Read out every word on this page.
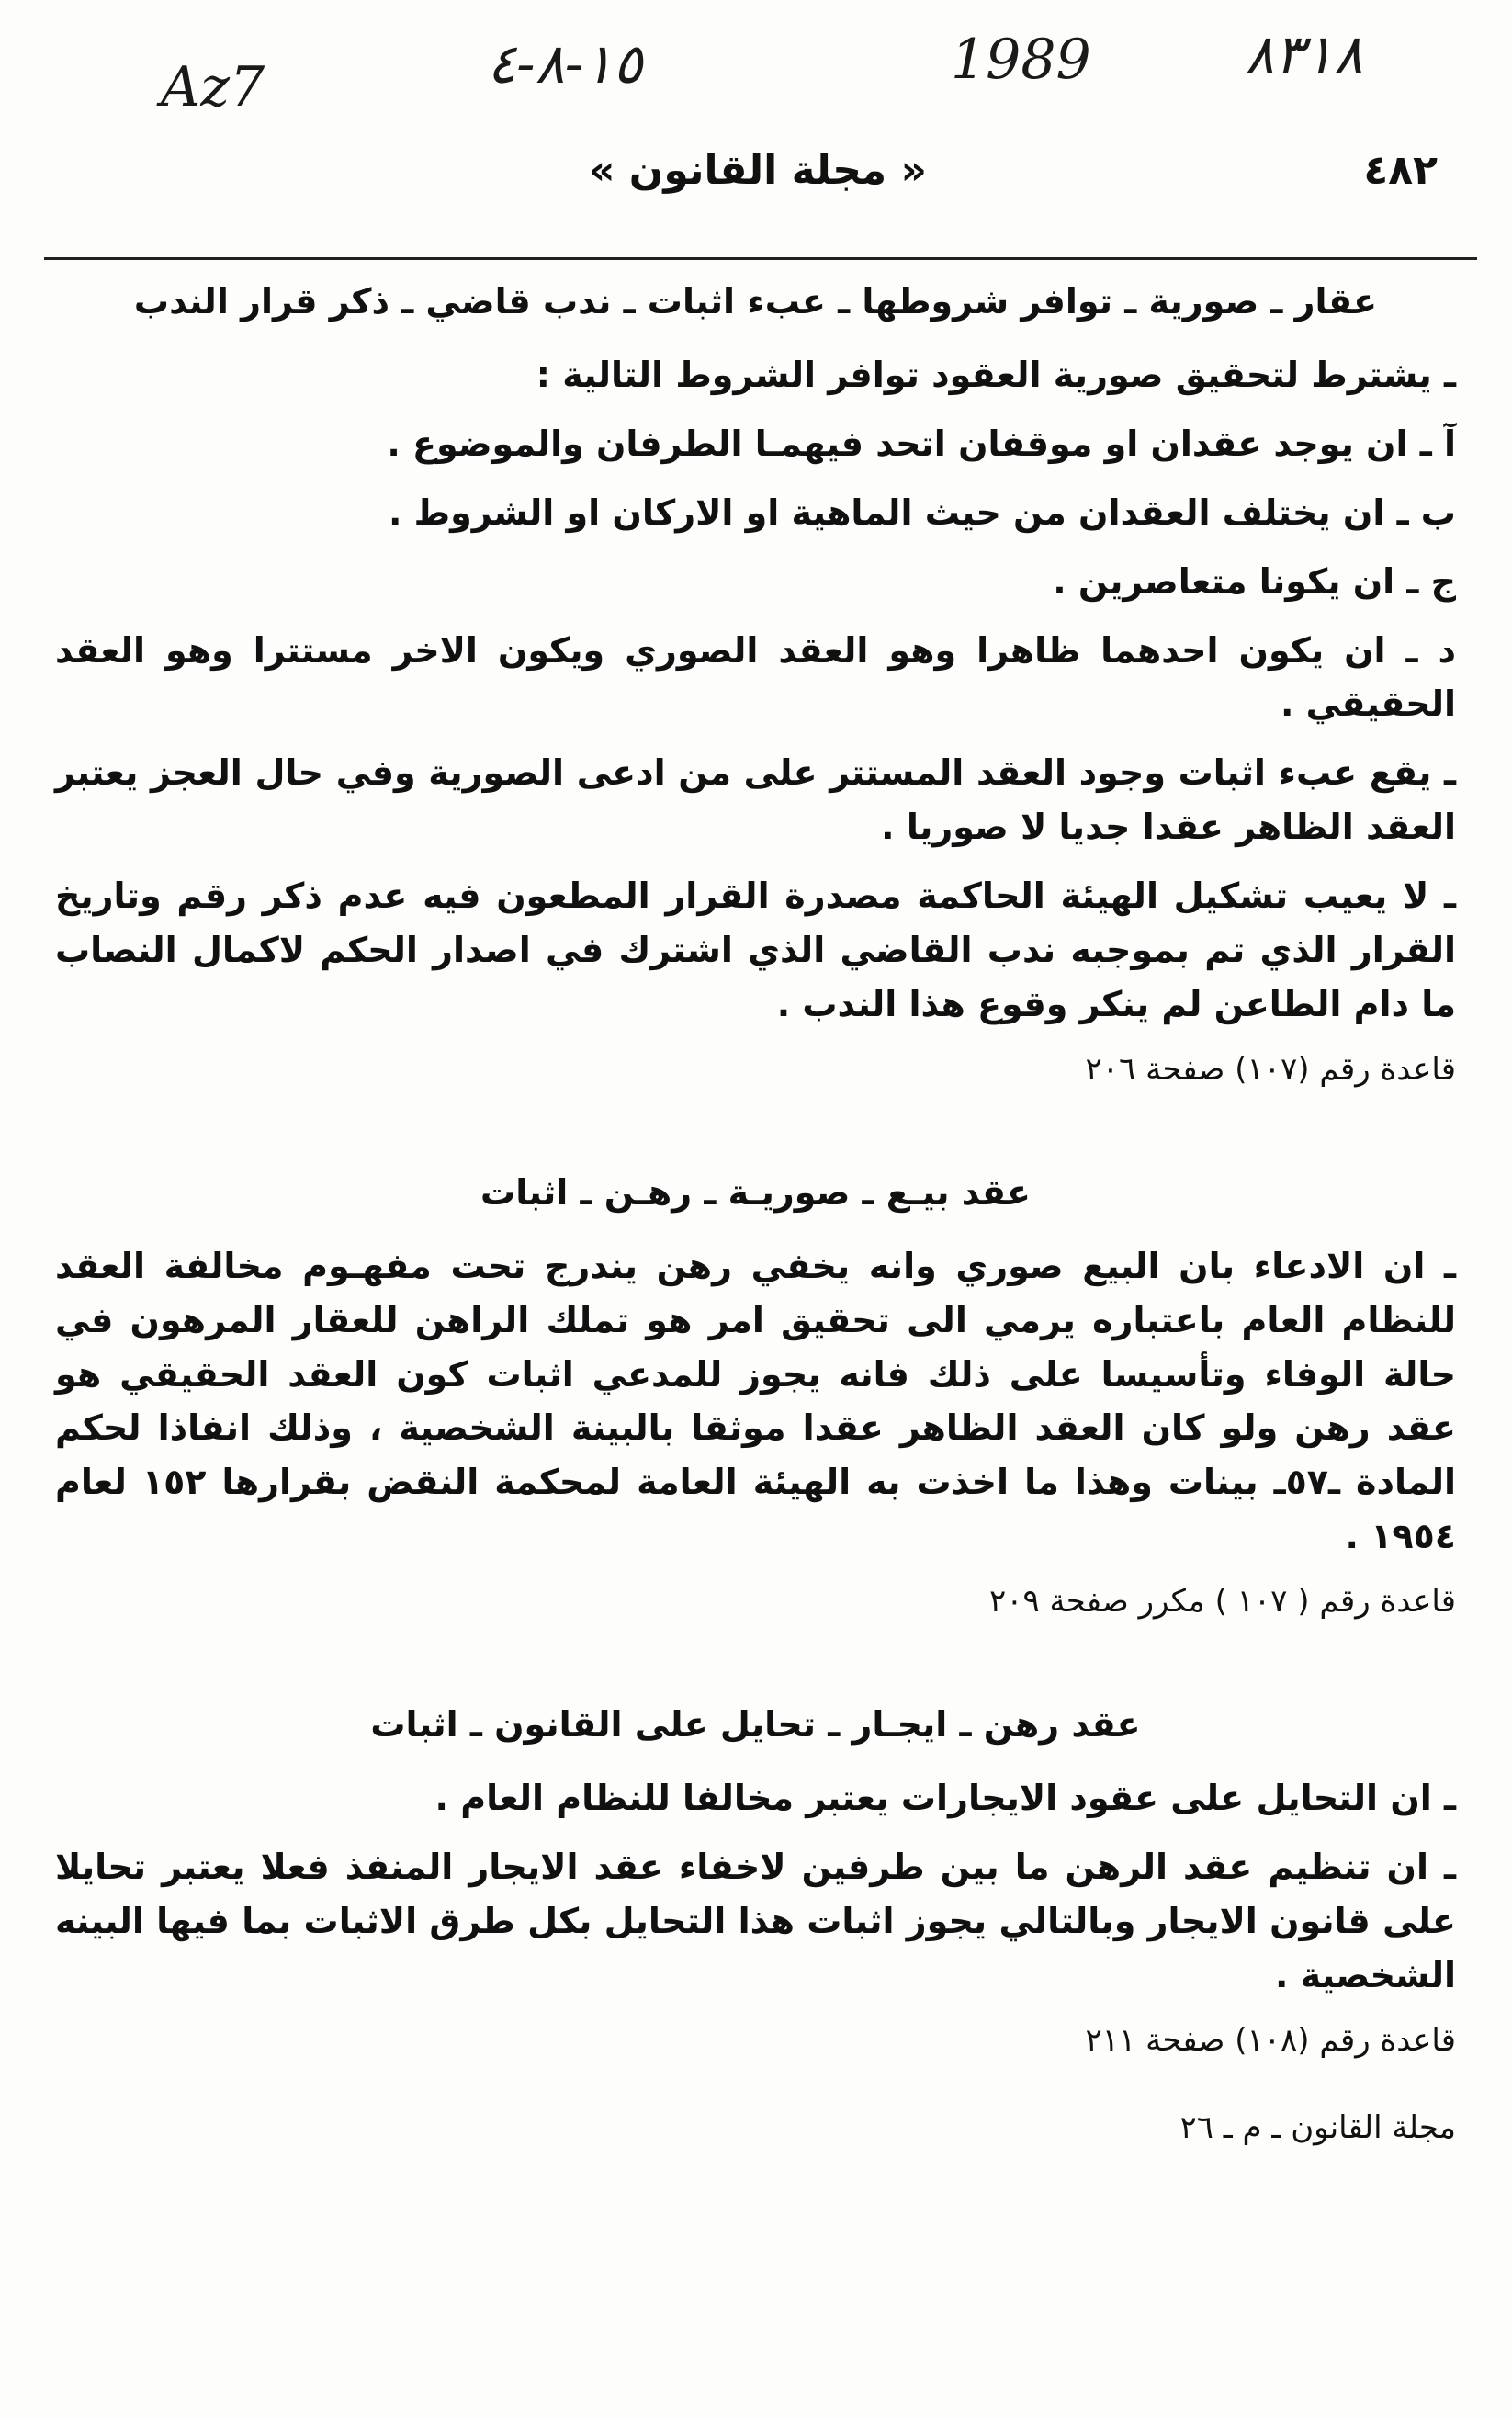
Az7	١٥-٨-٤	1989	٨٣١٨
« مجلة القانون »	٤٨٢
عقار ـ صورية ـ توافر شروطها ـ عبء اثبات ـ ندب قاضي ـ ذكر قرار الندب

ـ يشترط لتحقيق صورية العقود توافر الشروط التالية :

آ ـ ان يوجد عقدان او موقفان اتحد فيهمـا الطرفان والموضوع .

ب ـ ان يختلف العقدان من حيث الماهية او الاركان او الشروط .

ج ـ ان يكونا متعاصرين .

د ـ ان يكون احدهما ظاهرا وهو العقد الصوري ويكون الاخر مستترا وهو العقد الحقيقي .

ـ يقع عبء اثبات وجود العقد المستتر على من ادعى الصورية وفي حال العجز يعتبر العقد الظاهر عقدا جديا لا صوريا .

ـ لا يعيب تشكيل الهيئة الحاكمة مصدرة القرار المطعون فيه عدم ذكر رقم وتاريخ القرار الذي تم بموجبه ندب القاضي الذي اشترك في اصدار الحكم لاكمال النصاب ما دام الطاعن لم ينكر وقوع هذا الندب .

قاعدة رقم (١٠٧) صفحة ٢٠٦
عقد بيـع ـ صوريـة ـ رهـن ـ اثبات

ـ ان الادعاء بان البيع صوري وانه يخفي رهن يندرج تحت مفهـوم مخالفة العقد للنظام العام باعتباره يرمي الى تحقيق امر هو تملك الراهن للعقار المرهون في حالة الوفاء وتأسيسا على ذلك فانه يجوز للمدعي اثبات كون العقد الحقيقي هو عقد رهن ولو كان العقد الظاهر عقدا موثقا بالبينة الشخصية ، وذلك انفاذا لحكم المادة ـ٥٧ـ بينات وهذا ما اخذت به الهيئة العامة لمحكمة النقض بقرارها ١٥٢ لعام ١٩٥٤ .

قاعدة رقم ( ١٠٧ ) مكرر صفحة ٢٠٩
عقد رهن ـ ايجـار ـ تحايل على القانون ـ اثبات

ـ ان التحايل على عقود الايجارات يعتبر مخالفا للنظام العام .

ـ ان تنظيم عقد الرهن ما بين طرفين لاخفاء عقد الايجار المنفذ فعلا يعتبر تحايلا على قانون الايجار وبالتالي يجوز اثبات هذا التحايل بكل طرق الاثبات بما فيها البينه الشخصية .

قاعدة رقم (١٠٨) صفحة ٢١١
مجلة القانون ـ م ـ ٢٦
